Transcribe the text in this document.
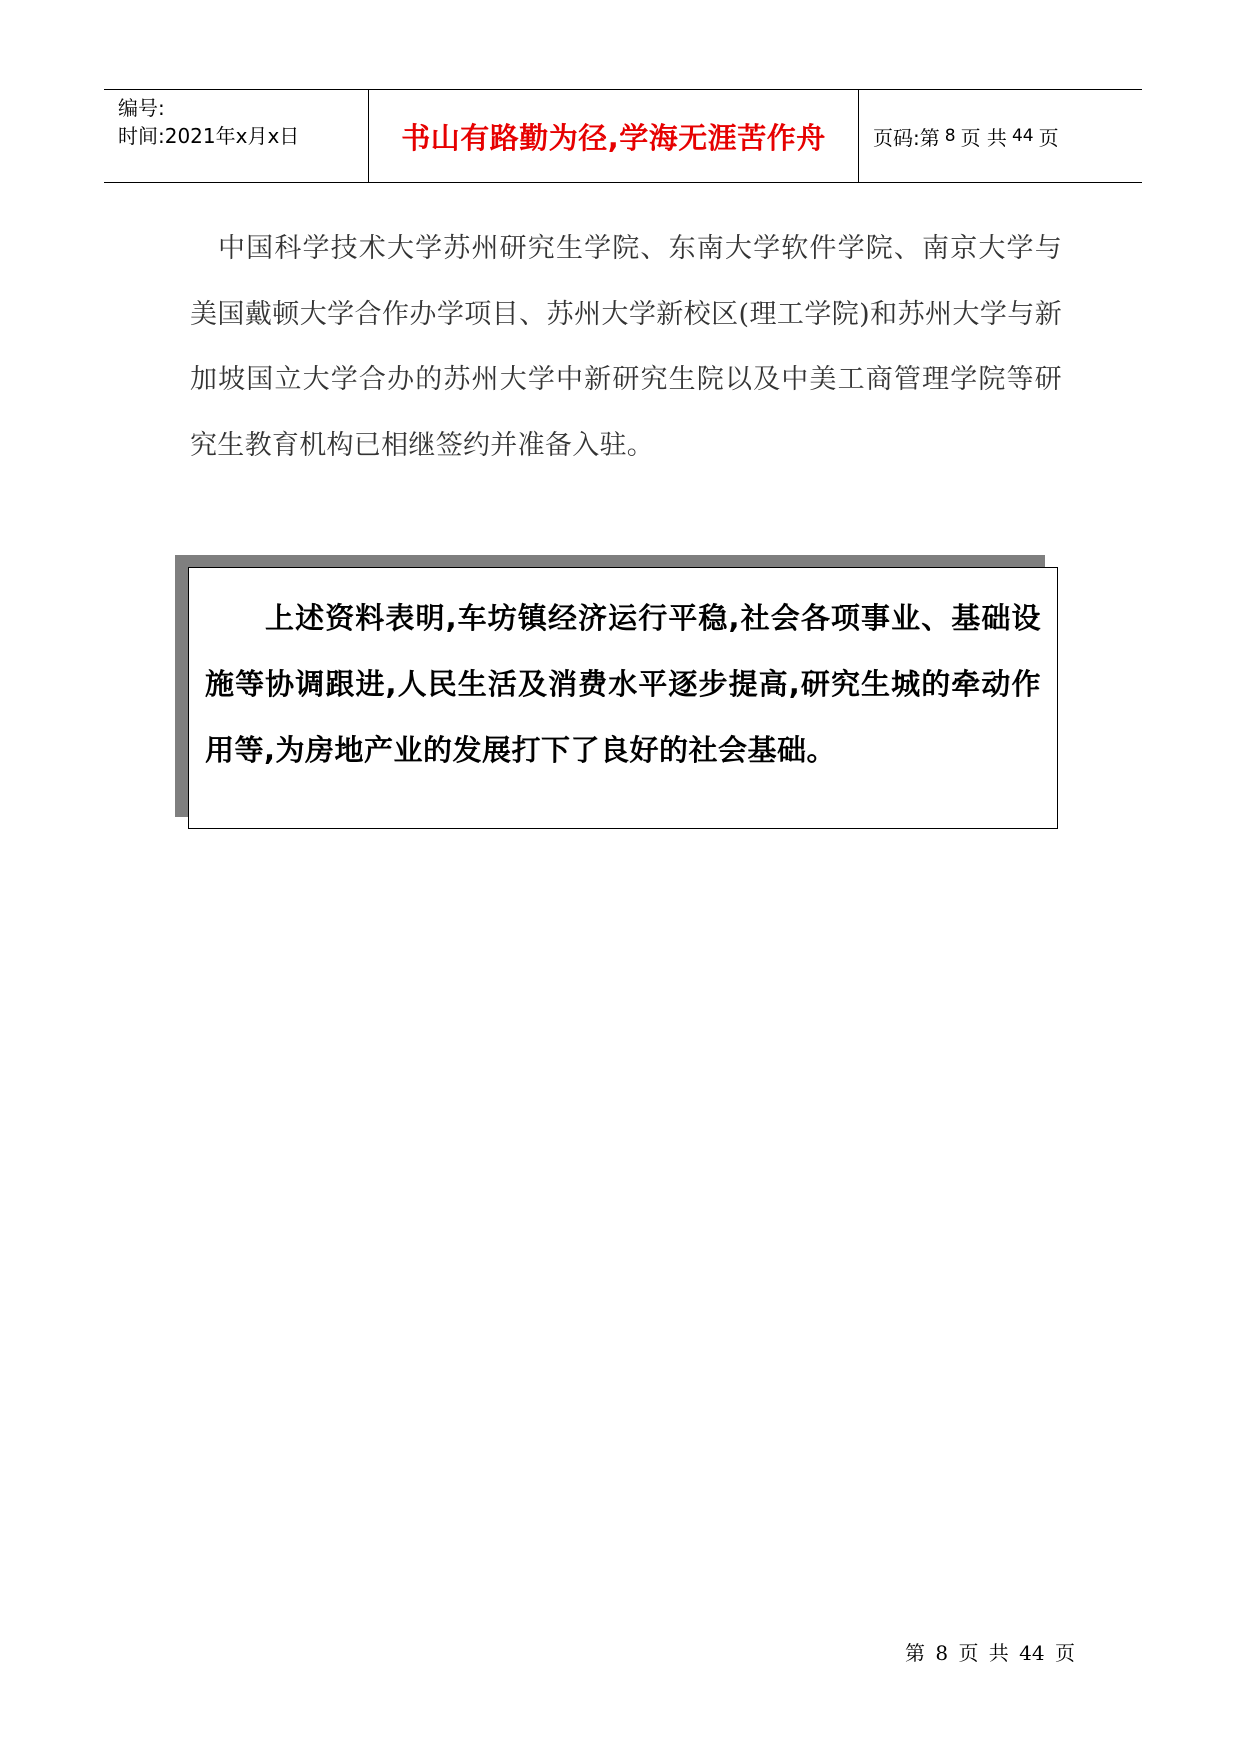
编号:
时间:2021年x月x日	书山有路勤为径,学海无涯苦作舟	页码:第 8 页 共 44 页
中国科学技术大学苏州研究生学院、东南大学软件学院、南京大学与美国戴顿大学合作办学项目、苏州大学新校区(理工学院)和苏州大学与新加坡国立大学合办的苏州大学中新研究生院以及中美工商管理学院等研究生教育机构已相继签约并准备入驻。
上述资料表明,车坊镇经济运行平稳,社会各项事业、基础设施等协调跟进,人民生活及消费水平逐步提高,研究生城的牵动作用等,为房地产业的发展打下了良好的社会基础。
第 8 页 共 44 页
